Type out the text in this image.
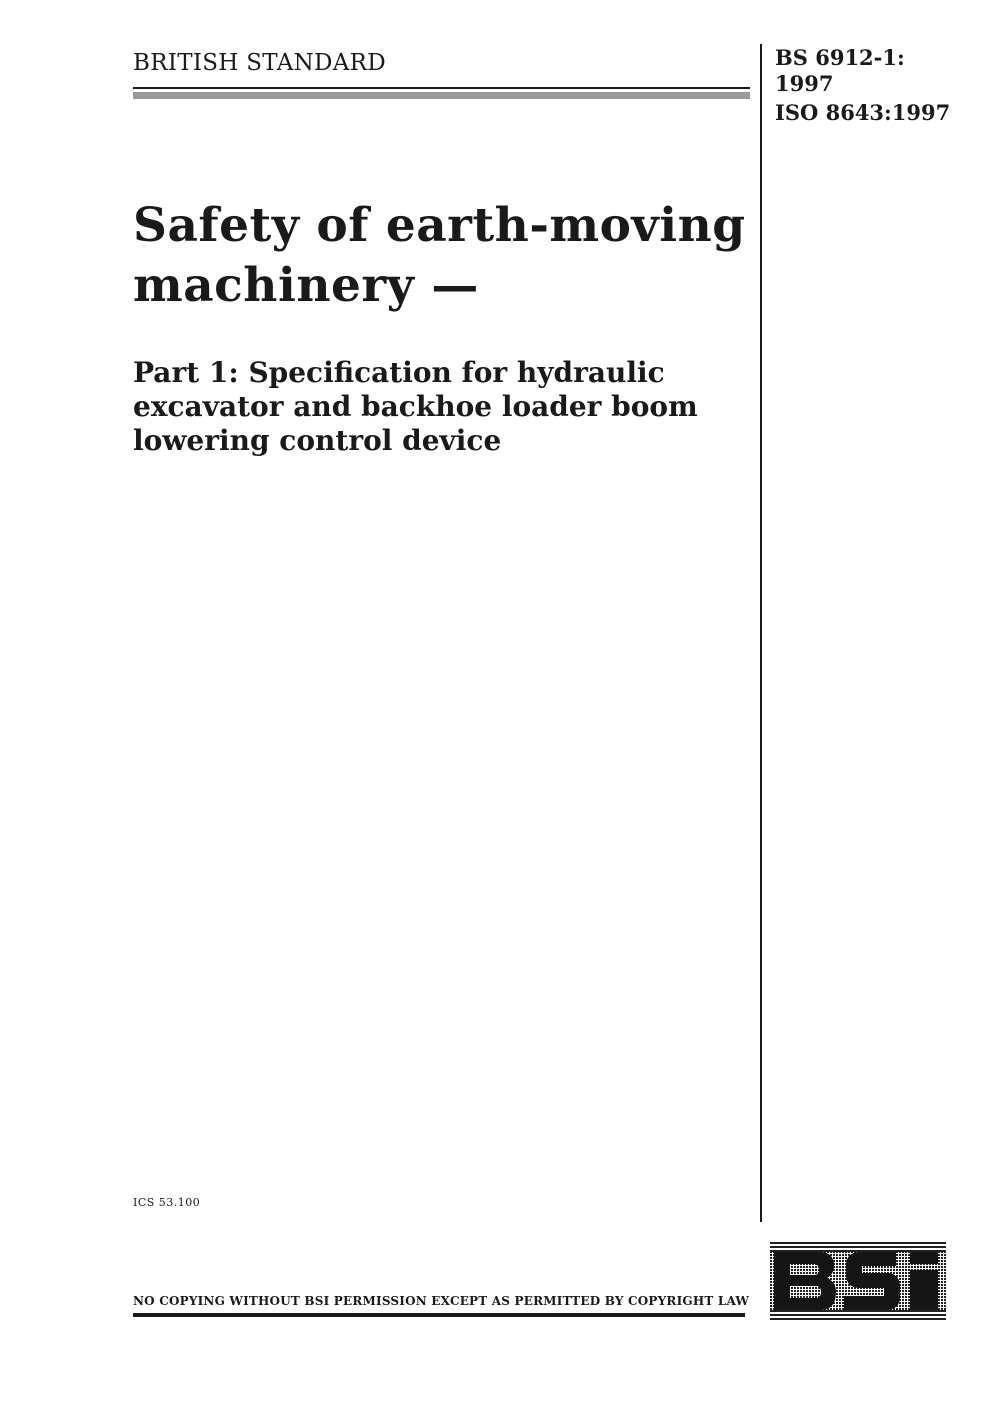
BRITISH STANDARD	BS 6912-1:
1997
ISO 8643:1997
Safety of earth-moving
machinery —
Part 1: Specification for hydraulic
excavator and backhoe loader boom
lowering control device
ICS 53.100
NO COPYING WITHOUT BSI PERMISSION EXCEPT AS PERMITTED BY COPYRIGHT LAW
